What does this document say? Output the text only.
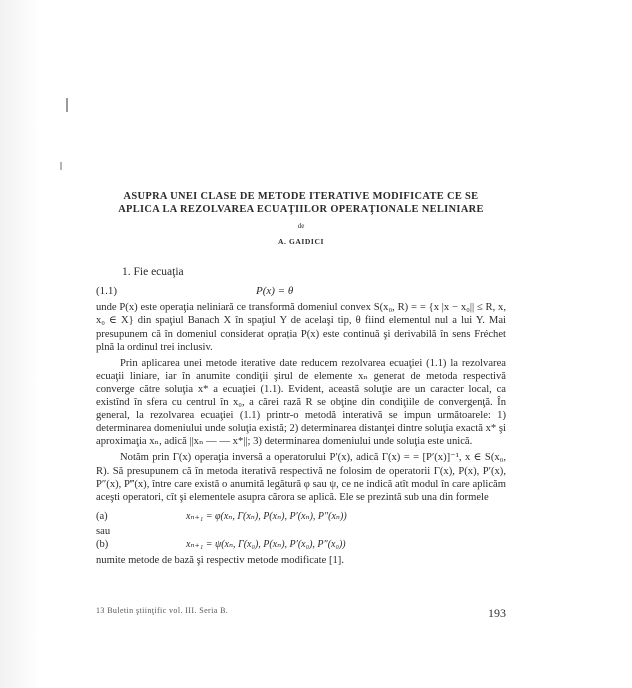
ASUPRA UNEI CLASE DE METODE ITERATIVE MODIFICATE CE SE
APLICA LA REZOLVAREA ECUAŢIILOR OPERAŢIONALE NELINIARE

de
A. GAIDICI
1. Fie ecuaţia
(1.1)	P(x) = θ

unde P(x) este operaţia neliniară ce transformă domeniul convex S(x₀, R) = = {x |x − x₀|| ≤ R, x, x₀ ∈ X} din spaţiul Banach X în spaţiul Y de acelaşi tip, θ fiind elementul nul a lui Y. Mai presupunem că în domeniul considerat oprația P(x) este continuă şi derivabilă în sens Fréchet plnă la ordinul trei inclusiv.

Prin aplicarea unei metode iterative date reducem rezolvarea ecuaţiei (1.1) la rezolvarea ecuaţii liniare, iar în anumite condiţii şirul de elemente xₙ generat de metoda respectivă converge către soluţia x* a ecuaţiei (1.1). Evident, această soluţie are un caracter local, ca existînd în sfera cu centrul în x₀, a cărei rază R se obţine din condiţiile de convergenţă. În general, la rezolvarea ecuaţiei (1.1) printr-o metodă interativă se impun următoarele: 1) determinarea domeniului unde soluţia există; 2) determinarea distanţei dintre soluţia exactă x* şi aproximaţia xₙ, adică ||xₙ — — x*||; 3) determinarea domeniului unde soluţia este unică.

Notăm prin Γ(x) operaţia inversă a operatorului P′(x), adică Γ(x) = = [P′(x)]⁻¹, x ∈ S(x₀, R). Să presupunem că în metoda iterativă respectivă ne folosim de operatorii Γ(x), P(x), P′(x), P″(x), P‴(x), între care există o anumită legătură φ sau ψ, ce ne indică atît modul în care aplicăm aceşti operatori, cît şi elementele asupra cărora se aplică. Ele se prezintă sub una din formele

(a)	xₙ₊₁ = φ(xₙ, Γ(xₙ), P(xₙ), P′(xₙ), P″(xₙ))
sau
(b)	xₙ₊₁ = ψ(xₙ, Γ(x₀), P(xₙ), P′(x₀), P″(x₀))

numite metode de bază şi respectiv metode modificate [1].

13 Buletin ştiinţific vol. III. Seria B.	193
